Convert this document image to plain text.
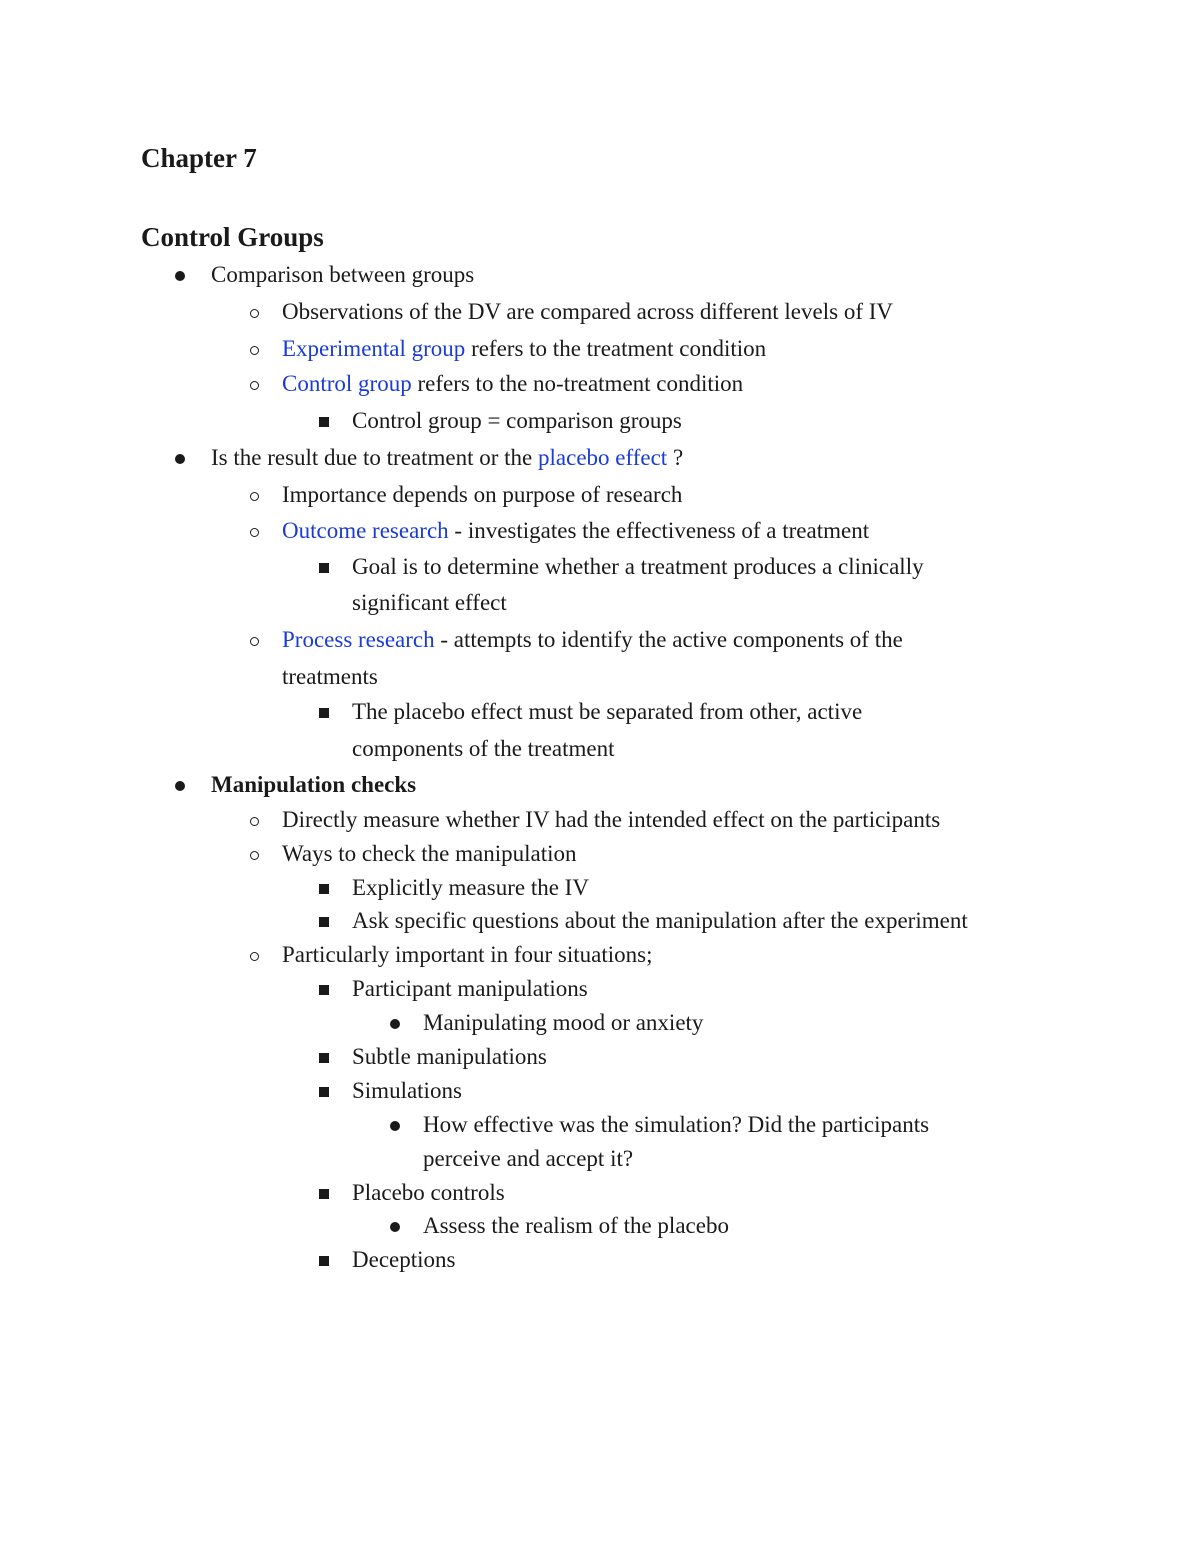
Chapter 7
Control Groups
Comparison between groups
Observations of the DV are compared across different levels of IV
Experimental group refers to the treatment condition
Control group refers to the no-treatment condition
Control group = comparison groups
Is the result due to treatment or the placebo effect ?
Importance depends on purpose of research
Outcome research - investigates the effectiveness of a treatment
Goal is to determine whether a treatment produces a clinically
significant effect
Process research - attempts to identify the active components of the
treatments
The placebo effect must be separated from other, active
components of the treatment
Manipulation checks
Directly measure whether IV had the intended effect on the participants
Ways to check the manipulation
Explicitly measure the IV
Ask specific questions about the manipulation after the experiment
Particularly important in four situations;
Participant manipulations
Manipulating mood or anxiety
Subtle manipulations
Simulations
How effective was the simulation? Did the participants
perceive and accept it?
Placebo controls
Assess the realism of the placebo
Deceptions
